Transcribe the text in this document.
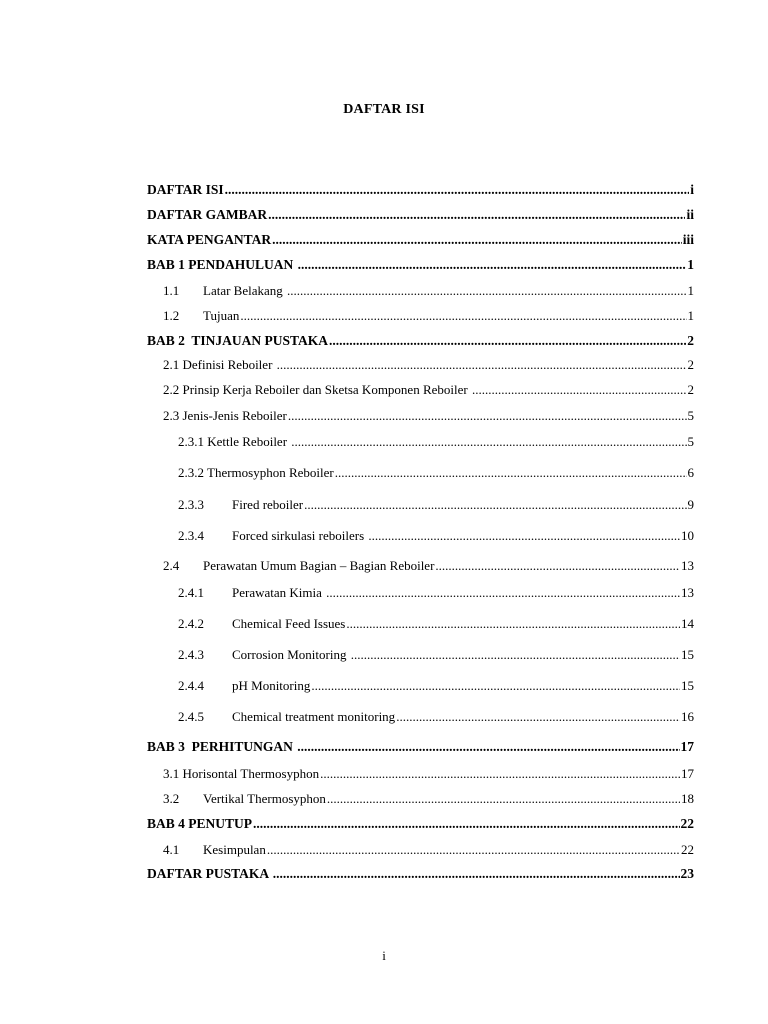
DAFTAR ISI
DAFTAR ISI .....	i
DAFTAR GAMBAR .....	ii
KATA PENGANTAR .....	iii
BAB 1 PENDAHULUAN .....	1
1.1	Latar Belakang .....	1
1.2	Tujuan .....	1
BAB 2  TINJAUAN PUSTAKA .....	2
2.1 Definisi Reboiler .....	2
2.2 Prinsip Kerja Reboiler dan Sketsa Komponen Reboiler .....	2
2.3 Jenis-Jenis Reboiler .....	5
2.3.1 Kettle Reboiler .....	5
2.3.2 Thermosyphon Reboiler .....	6
2.3.3	Fired reboiler .....	9
2.3.4	Forced sirkulasi reboilers .....	10
2.4	Perawatan Umum Bagian – Bagian Reboiler .....	13
2.4.1	Perawatan Kimia .....	13
2.4.2	Chemical Feed Issues .....	14
2.4.3	Corrosion Monitoring .....	15
2.4.4	pH Monitoring .....	15
2.4.5	Chemical treatment monitoring .....	16
BAB 3  PERHITUNGAN .....	17
3.1 Horisontal Thermosyphon .....	17
3.2	Vertikal Thermosyphon .....	18
BAB 4 PENUTUP .....	22
4.1	Kesimpulan .....	22
DAFTAR PUSTAKA .....	23
i
